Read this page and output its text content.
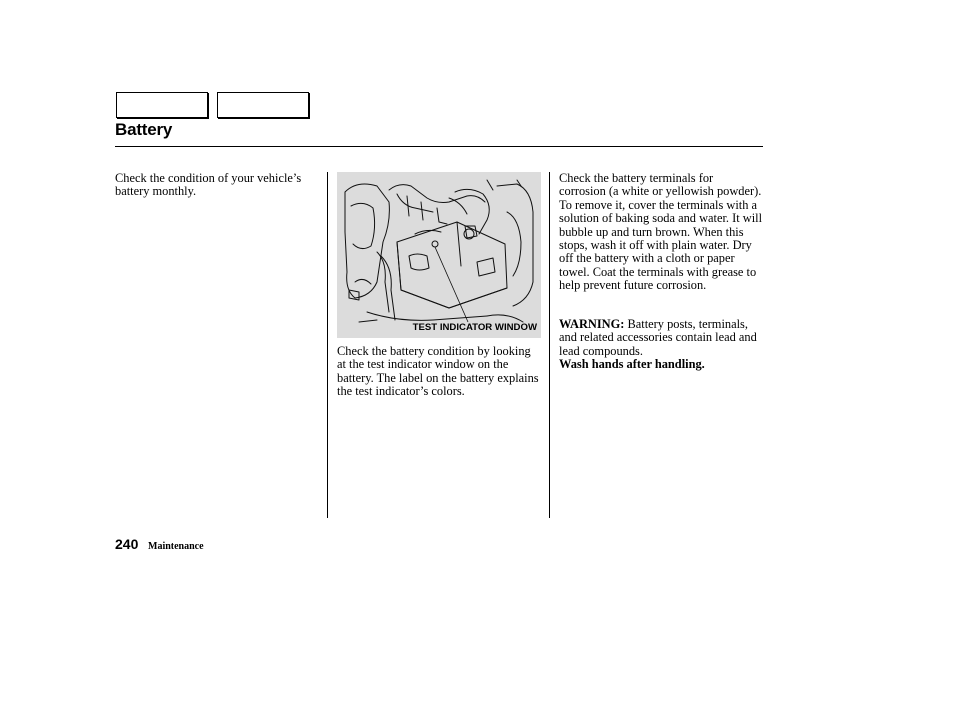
Battery
Check the condition of your vehicle’s battery monthly.
TEST INDICATOR WINDOW
Check the battery condition by looking at the test indicator window on the battery. The label on the battery explains the test indicator’s colors.
Check the battery terminals for corrosion (a white or yellowish powder). To remove it, cover the terminals with a solution of baking soda and water. It will bubble up and turn brown. When this stops, wash it off with plain water. Dry off the battery with a cloth or paper towel. Coat the terminals with grease to help prevent future corrosion.
WARNING: Battery posts, terminals, and related accessories contain lead and lead compounds.
Wash hands after handling.
240 Maintenance
